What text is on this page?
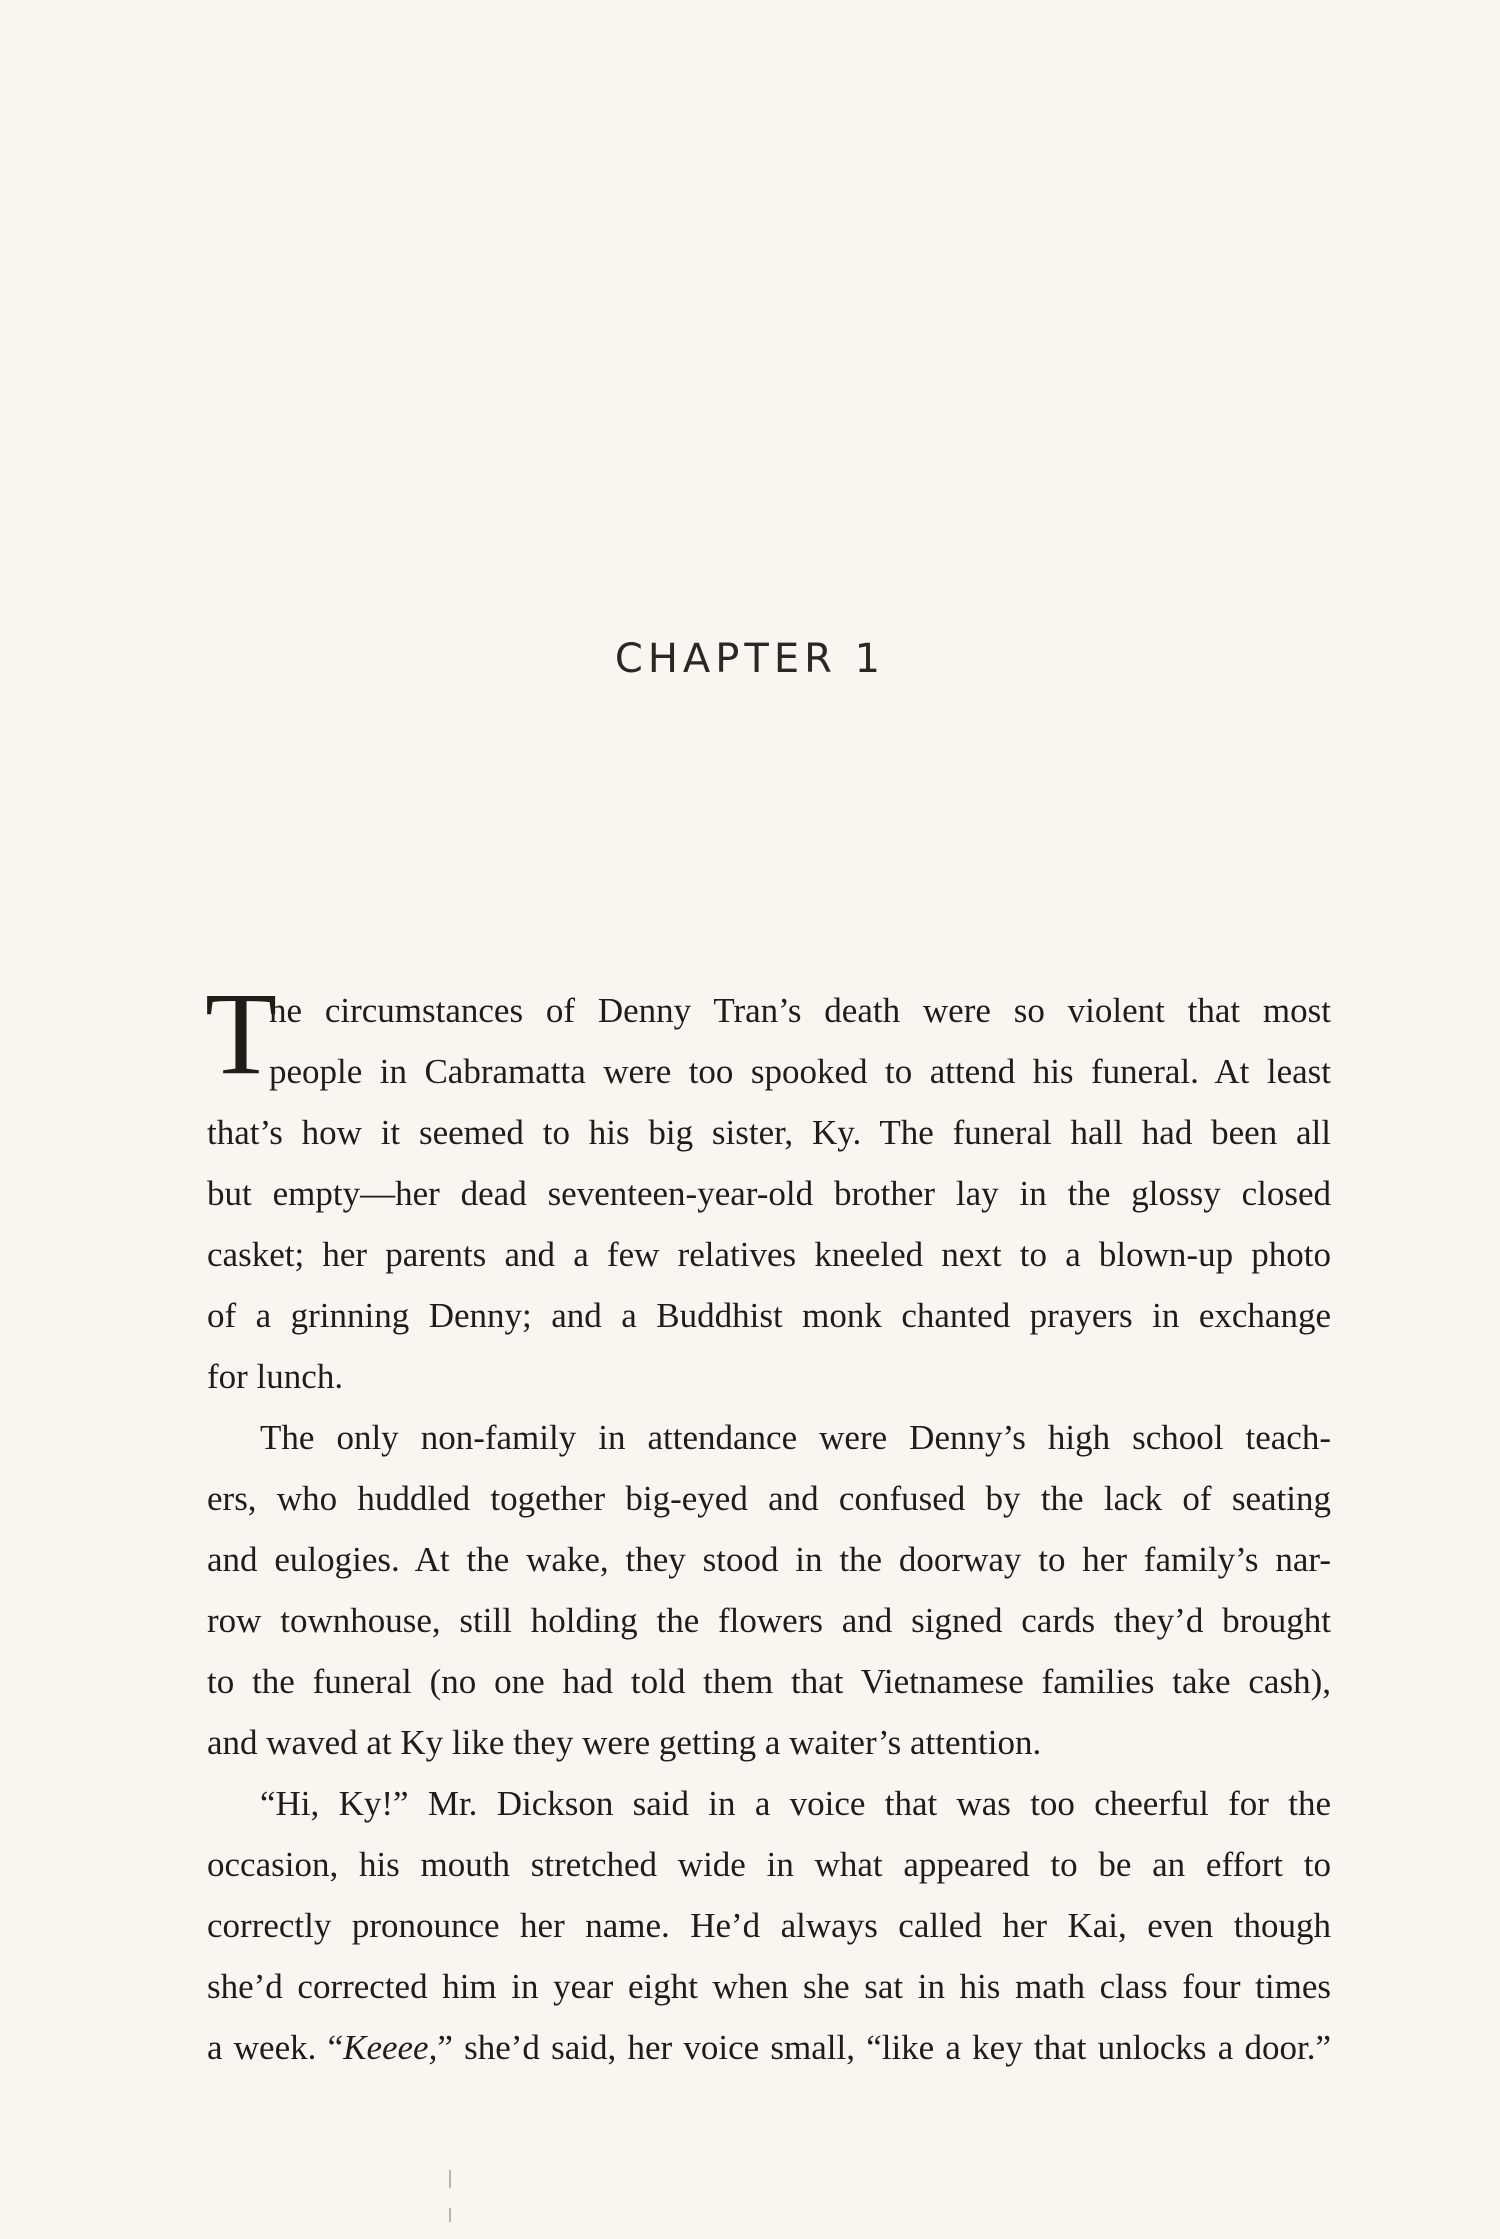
CHAPTER 1
T
he circumstances of Denny Tran’s death were so violent that most
people in Cabramatta were too spooked to attend his funeral. At least
that’s how it seemed to his big sister, Ky. The funeral hall had been all
but empty—her dead seventeen-year-old brother lay in the glossy closed
casket; her parents and a few relatives kneeled next to a blown-up photo
of a grinning Denny; and a Buddhist monk chanted prayers in exchange
for lunch.
The only non-family in attendance were Denny’s high school teach-
ers, who huddled together big-eyed and confused by the lack of seating
and eulogies. At the wake, they stood in the doorway to her family’s nar-
row townhouse, still holding the flowers and signed cards they’d brought
to the funeral (no one had told them that Vietnamese families take cash),
and waved at Ky like they were getting a waiter’s attention.
“Hi, Ky!” Mr. Dickson said in a voice that was too cheerful for the
occasion, his mouth stretched wide in what appeared to be an effort to
correctly pronounce her name. He’d always called her Kai, even though
she’d corrected him in year eight when she sat in his math class four times
a week. “Keeee,” she’d said, her voice small, “like a key that unlocks a door.”
